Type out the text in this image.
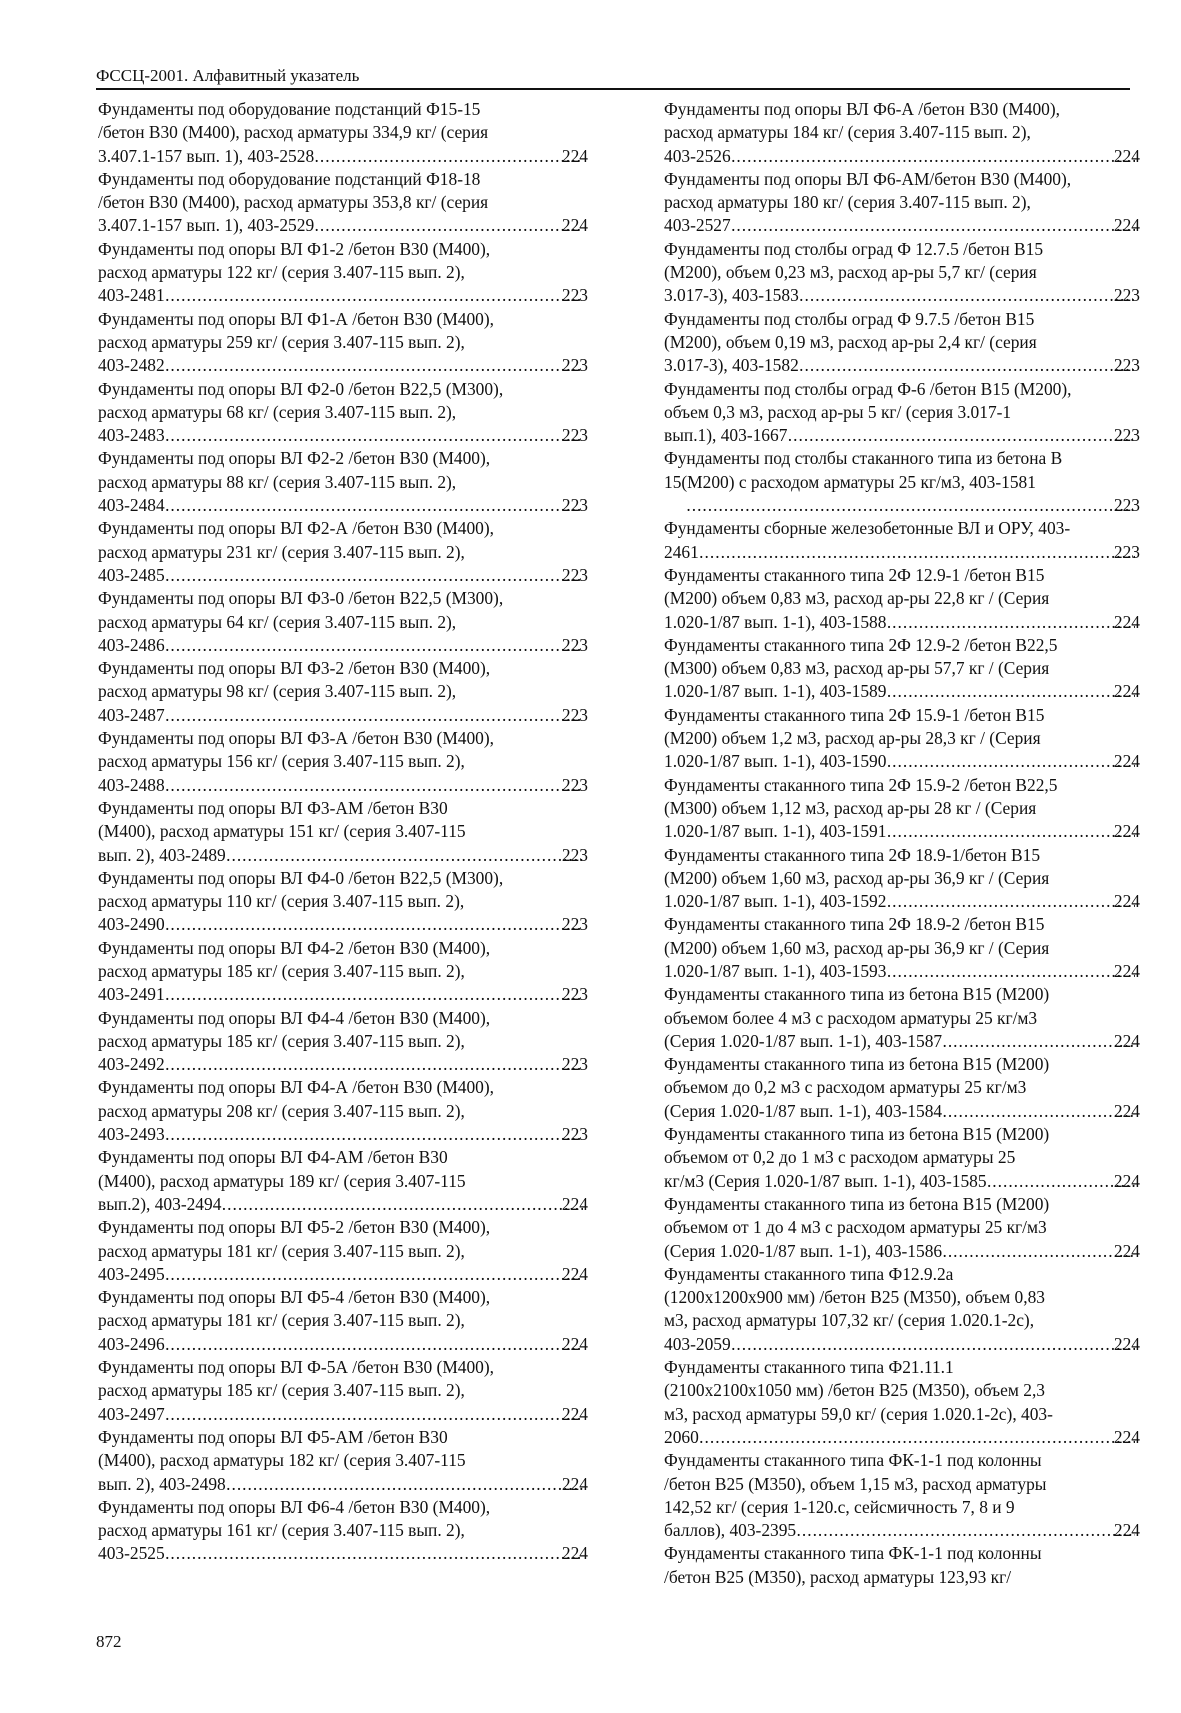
ФССЦ-2001. Алфавитный указатель
Фундаменты под оборудование подстанций Ф15-15
/бетон В30 (М400), расход арматуры 334,9 кг/ (серия
3.407.1-157 вып. 1), 403-2528 .....	224
Фундаменты под оборудование подстанций Ф18-18
/бетон В30 (М400), расход арматуры 353,8 кг/ (серия
3.407.1-157 вып. 1), 403-2529 .....	224
Фундаменты под опоры ВЛ Ф1-2 /бетон В30 (М400),
расход арматуры 122 кг/ (серия 3.407-115 вып. 2),
403-2481 .....	223
Фундаменты под опоры ВЛ Ф1-А /бетон В30 (М400),
расход арматуры 259 кг/ (серия 3.407-115 вып. 2),
403-2482 .....	223
Фундаменты под опоры ВЛ Ф2-0 /бетон В22,5 (М300),
расход арматуры 68 кг/ (серия 3.407-115 вып. 2),
403-2483 .....	223
Фундаменты под опоры ВЛ Ф2-2 /бетон В30 (М400),
расход арматуры 88 кг/ (серия 3.407-115 вып. 2),
403-2484 .....	223
Фундаменты под опоры ВЛ Ф2-А /бетон В30 (М400),
расход арматуры 231 кг/ (серия 3.407-115 вып. 2),
403-2485 .....	223
Фундаменты под опоры ВЛ Ф3-0 /бетон В22,5 (М300),
расход арматуры 64 кг/ (серия 3.407-115 вып. 2),
403-2486 .....	223
Фундаменты под опоры ВЛ Ф3-2 /бетон В30 (М400),
расход арматуры 98 кг/ (серия 3.407-115 вып. 2),
403-2487 .....	223
Фундаменты под опоры ВЛ Ф3-А /бетон В30 (М400),
расход арматуры 156 кг/ (серия 3.407-115 вып. 2),
403-2488 .....	223
Фундаменты под опоры ВЛ Ф3-АМ /бетон В30
(М400), расход арматуры 151 кг/ (серия 3.407-115
вып. 2), 403-2489 .....	223
Фундаменты под опоры ВЛ Ф4-0 /бетон В22,5 (М300),
расход арматуры 110 кг/ (серия 3.407-115 вып. 2),
403-2490 .....	223
Фундаменты под опоры ВЛ Ф4-2 /бетон В30 (М400),
расход арматуры 185 кг/ (серия 3.407-115 вып. 2),
403-2491 .....	223
Фундаменты под опоры ВЛ Ф4-4 /бетон В30 (М400),
расход арматуры 185 кг/ (серия 3.407-115 вып. 2),
403-2492 .....	223
Фундаменты под опоры ВЛ Ф4-А /бетон В30 (М400),
расход арматуры 208 кг/ (серия 3.407-115 вып. 2),
403-2493 .....	223
Фундаменты под опоры ВЛ Ф4-АМ /бетон В30
(М400), расход арматуры 189 кг/ (серия 3.407-115
вып.2), 403-2494 .....	224
Фундаменты под опоры ВЛ Ф5-2 /бетон В30 (М400),
расход арматуры 181 кг/ (серия 3.407-115 вып. 2),
403-2495 .....	224
Фундаменты под опоры ВЛ Ф5-4 /бетон В30 (М400),
расход арматуры 181 кг/ (серия 3.407-115 вып. 2),
403-2496 .....	224
Фундаменты под опоры ВЛ Ф-5А /бетон В30 (М400),
расход арматуры 185 кг/ (серия 3.407-115 вып. 2),
403-2497 .....	224
Фундаменты под опоры ВЛ Ф5-АМ /бетон В30
(М400), расход арматуры 182 кг/ (серия 3.407-115
вып. 2), 403-2498 .....	224
Фундаменты под опоры ВЛ Ф6-4 /бетон В30 (М400),
расход арматуры 161 кг/ (серия 3.407-115 вып. 2),
403-2525 .....	224
Фундаменты под опоры ВЛ Ф6-А /бетон В30 (М400),
расход арматуры 184 кг/ (серия 3.407-115 вып. 2),
403-2526 .....	224
Фундаменты под опоры ВЛ Ф6-АМ/бетон В30 (М400),
расход арматуры 180 кг/ (серия 3.407-115 вып. 2),
403-2527 .....	224
Фундаменты под столбы оград Ф 12.7.5 /бетон В15
(М200), объем 0,23 м3, расход ар-ры 5,7 кг/ (серия
3.017-3), 403-1583 .....	223
Фундаменты под столбы оград Ф 9.7.5 /бетон В15
(М200), объем 0,19 м3, расход ар-ры 2,4 кг/ (серия
3.017-3), 403-1582 .....	223
Фундаменты под столбы оград Ф-6 /бетон В15 (М200),
объем 0,3 м3, расход ар-ры 5 кг/ (серия 3.017-1
вып.1), 403-1667 .....	223
Фундаменты под столбы стаканного типа из бетона В
15(М200) с расходом арматуры 25 кг/м3, 403-1581
.....
223
Фундаменты сборные железобетонные ВЛ и ОРУ, 403-
2461 .....	223
Фундаменты стаканного типа 2Ф 12.9-1 /бетон В15
(М200) объем 0,83 м3, расход ар-ры 22,8 кг / (Серия
1.020-1/87 вып. 1-1), 403-1588 .....	224
Фундаменты стаканного типа 2Ф 12.9-2 /бетон В22,5
(М300) объем 0,83 м3, расход ар-ры 57,7 кг / (Серия
1.020-1/87 вып. 1-1), 403-1589 .....	224
Фундаменты стаканного типа 2Ф 15.9-1 /бетон В15
(М200) объем 1,2 м3, расход ар-ры 28,3 кг / (Серия
1.020-1/87 вып. 1-1), 403-1590 .....	224
Фундаменты стаканного типа 2Ф 15.9-2 /бетон В22,5
(М300) объем 1,12 м3, расход ар-ры 28 кг / (Серия
1.020-1/87 вып. 1-1), 403-1591 .....	224
Фундаменты стаканного типа 2Ф 18.9-1/бетон В15
(М200) объем 1,60 м3, расход ар-ры 36,9 кг / (Серия
1.020-1/87 вып. 1-1), 403-1592 .....	224
Фундаменты стаканного типа 2Ф 18.9-2 /бетон В15
(М200) объем 1,60 м3, расход ар-ры 36,9 кг / (Серия
1.020-1/87 вып. 1-1), 403-1593 .....	224
Фундаменты стаканного типа из бетона В15 (М200)
объемом более 4 м3 с расходом арматуры 25 кг/м3
(Серия 1.020-1/87 вып. 1-1), 403-1587 .....	224
Фундаменты стаканного типа из бетона В15 (М200)
объемом до 0,2 м3 с расходом арматуры 25 кг/м3
(Серия 1.020-1/87 вып. 1-1), 403-1584 .....	224
Фундаменты стаканного типа из бетона В15 (М200)
объемом от 0,2 до 1 м3 с расходом арматуры 25
кг/м3 (Серия 1.020-1/87 вып. 1-1), 403-1585 .....	224
Фундаменты стаканного типа из бетона В15 (М200)
объемом от 1 до 4 м3 с расходом арматуры 25 кг/м3
(Серия 1.020-1/87 вып. 1-1), 403-1586 .....	224
Фундаменты стаканного типа Ф12.9.2а
(1200х1200х900 мм) /бетон В25 (М350), объем 0,83
м3, расход арматуры 107,32 кг/ (серия 1.020.1-2с),
403-2059 .....	224
Фундаменты стаканного типа Ф21.11.1
(2100х2100х1050 мм) /бетон В25 (М350), объем 2,3
м3, расход арматуры 59,0 кг/ (серия 1.020.1-2с), 403-
2060 .....	224
Фундаменты стаканного типа ФК-1-1 под колонны
/бетон В25 (М350), объем 1,15 м3, расход арматуры
142,52 кг/ (серия 1-120.с, сейсмичность 7, 8 и 9
баллов), 403-2395 .....	224
Фундаменты стаканного типа ФК-1-1 под колонны
/бетон В25 (М350), расход арматуры 123,93 кг/
872
